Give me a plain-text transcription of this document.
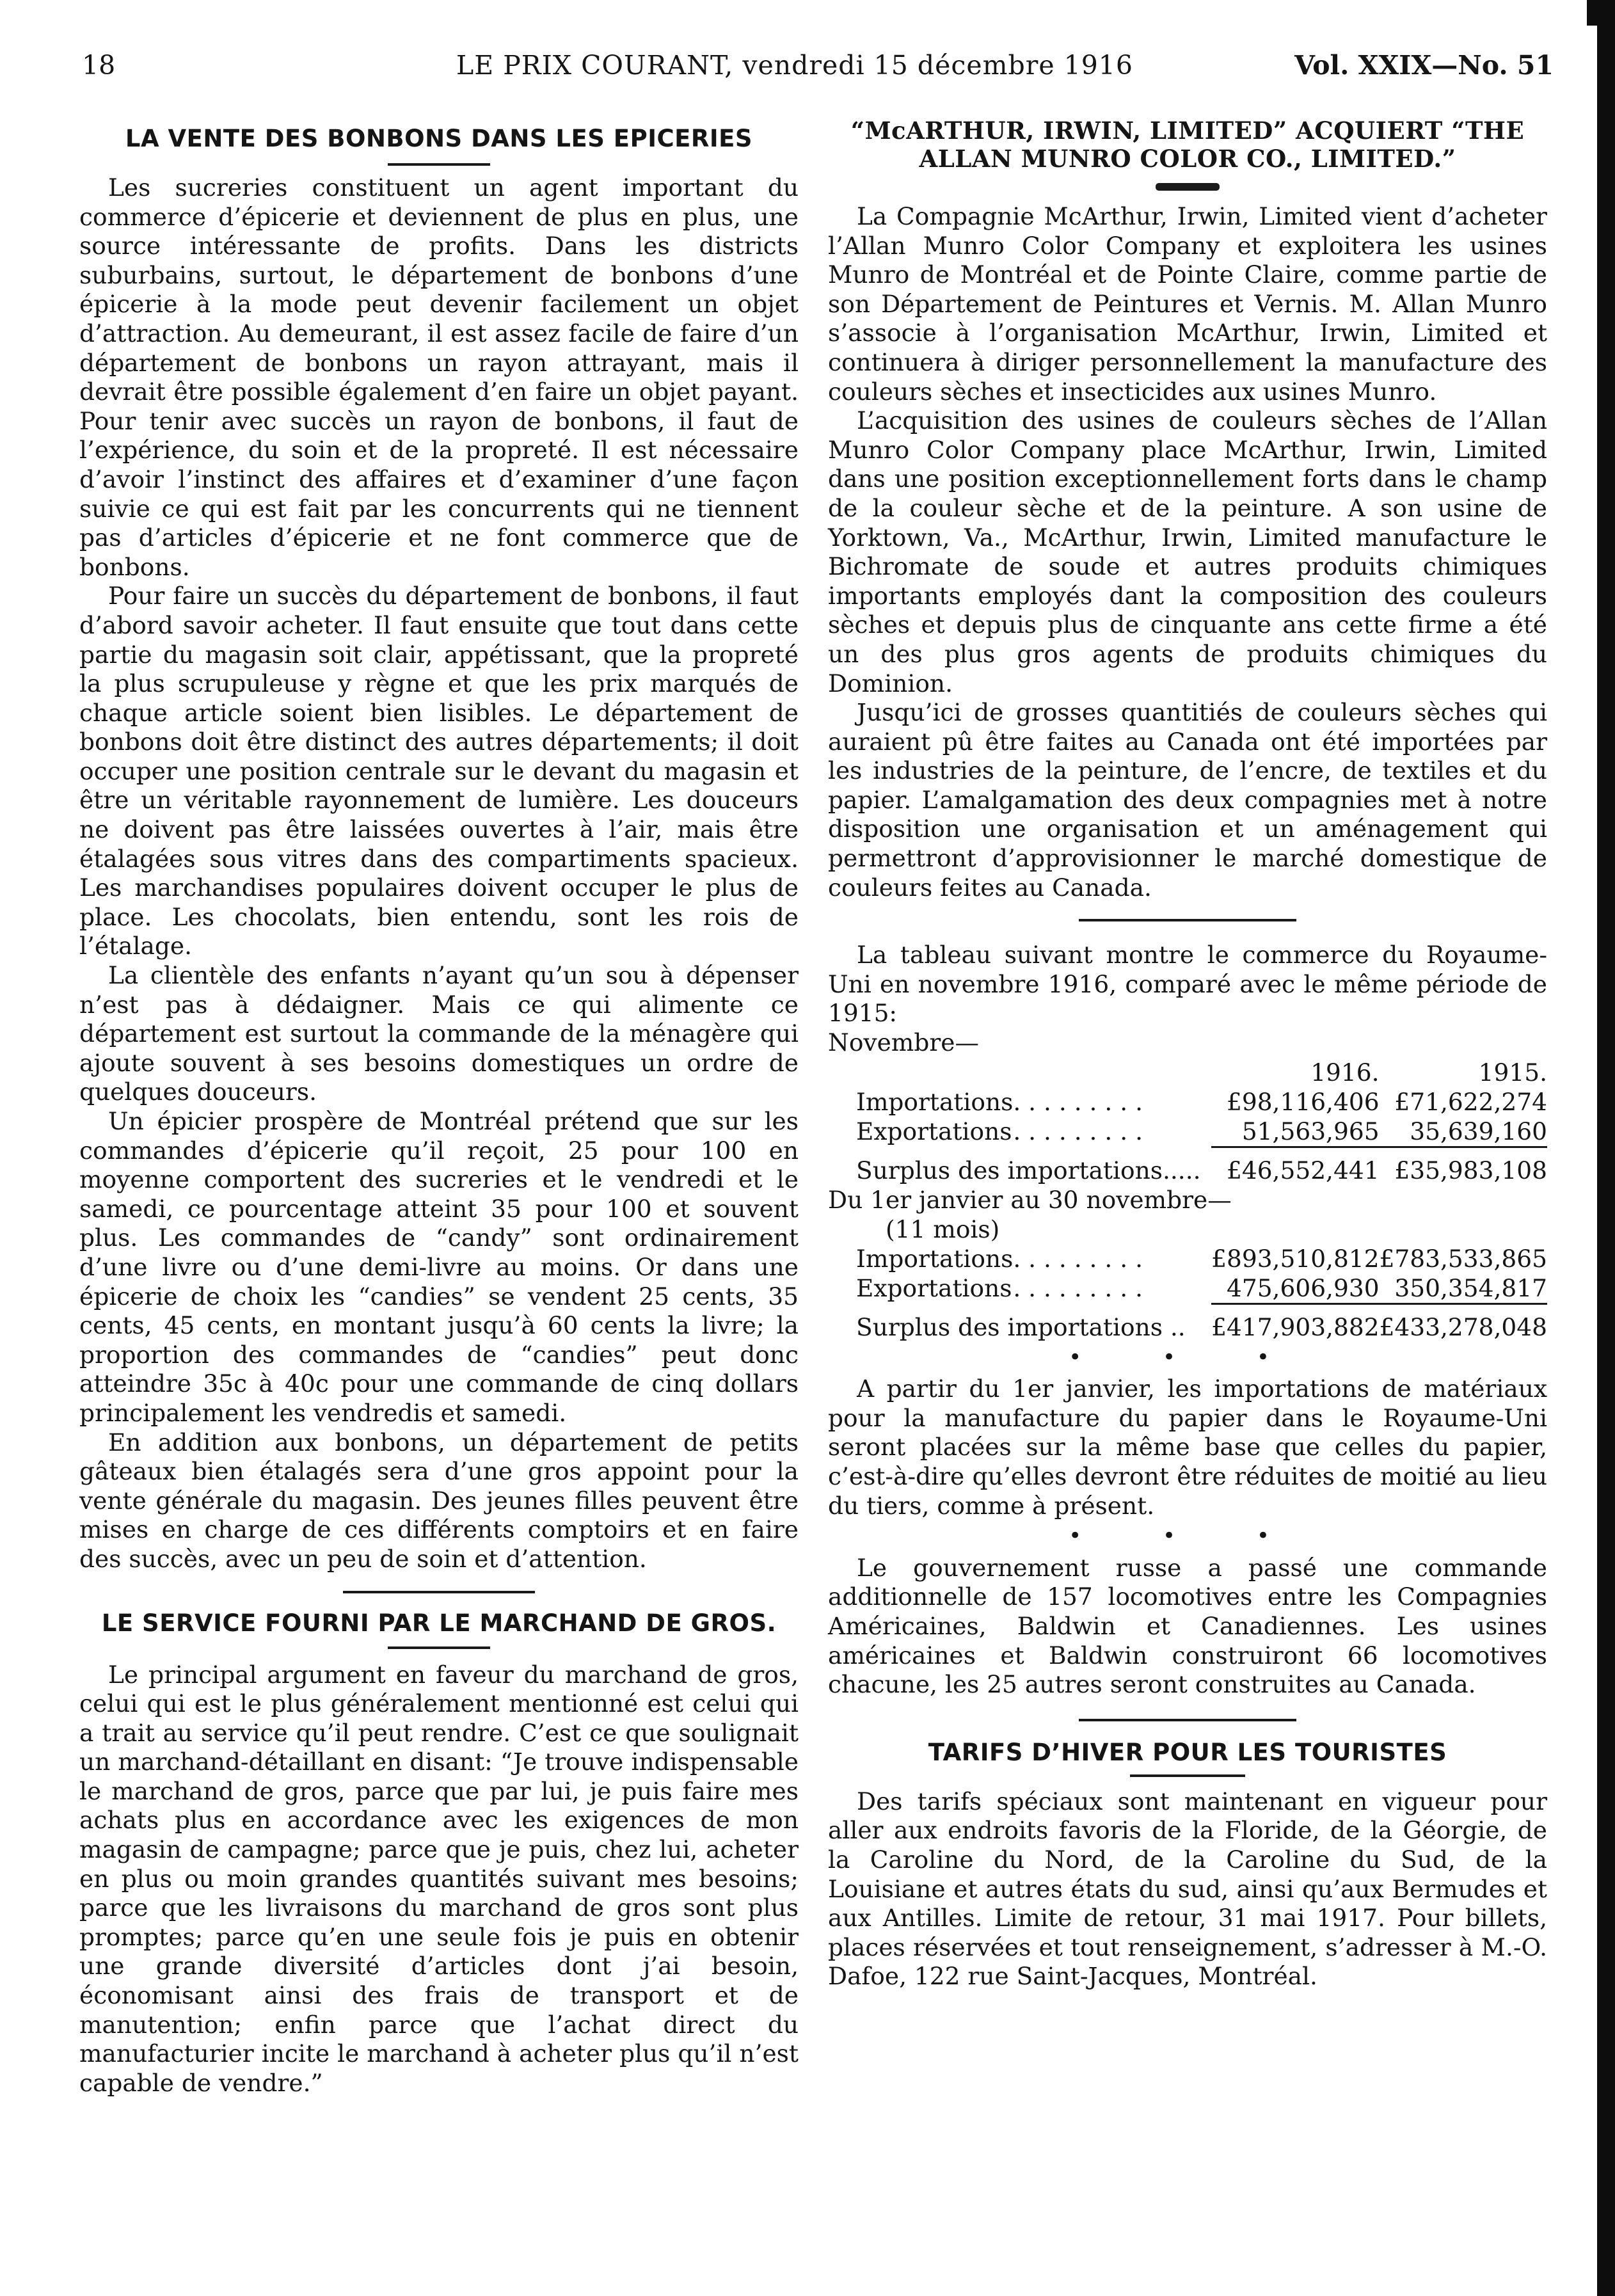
18	LE PRIX COURANT, vendredi 15 décembre 1916	Vol. XXIX—No. 51
LA VENTE DES BONBONS DANS LES EPICERIES

Les sucreries constituent un agent important du commerce d’épicerie et deviennent de plus en plus, une source intéressante de profits. Dans les districts suburbains, surtout, le département de bonbons d’une épicerie à la mode peut devenir facilement un objet d’attraction. Au demeurant, il est assez facile de faire d’un département de bonbons un rayon attrayant, mais il devrait être possible également d’en faire un objet payant. Pour tenir avec succès un rayon de bonbons, il faut de l’expérience, du soin et de la propreté. Il est nécessaire d’avoir l’instinct des affaires et d’examiner d’une façon suivie ce qui est fait par les concurrents qui ne tiennent pas d’articles d’épicerie et ne font commerce que de bonbons.

Pour faire un succès du département de bonbons, il faut d’abord savoir acheter. Il faut ensuite que tout dans cette partie du magasin soit clair, appétissant, que la propreté la plus scrupuleuse y règne et que les prix marqués de chaque article soient bien lisibles. Le département de bonbons doit être distinct des autres départements; il doit occuper une position centrale sur le devant du magasin et être un véritable rayonnement de lumière. Les douceurs ne doivent pas être laissées ouvertes à l’air, mais être étalagées sous vitres dans des compartiments spacieux. Les marchandises populaires doivent occuper le plus de place. Les chocolats, bien entendu, sont les rois de l’étalage.

La clientèle des enfants n’ayant qu’un sou à dépenser n’est pas à dédaigner. Mais ce qui alimente ce département est surtout la commande de la ménagère qui ajoute souvent à ses besoins domestiques un ordre de quelques douceurs.

Un épicier prospère de Montréal prétend que sur les commandes d’épicerie qu’il reçoit, 25 pour 100 en moyenne comportent des sucreries et le vendredi et le samedi, ce pourcentage atteint 35 pour 100 et souvent plus. Les commandes de “candy” sont ordinairement d’une livre ou d’une demi-livre au moins. Or dans une épicerie de choix les “candies” se vendent 25 cents, 35 cents, 45 cents, en montant jusqu’à 60 cents la livre; la proportion des commandes de “candies” peut donc atteindre 35c à 40c pour une commande de cinq dollars principalement les vendredis et samedi.

En addition aux bonbons, un département de petits gâteaux bien étalagés sera d’une gros appoint pour la vente générale du magasin. Des jeunes filles peuvent être mises en charge de ces différents comptoirs et en faire des succès, avec un peu de soin et d’attention.

LE SERVICE FOURNI PAR LE MARCHAND DE GROS.

Le principal argument en faveur du marchand de gros, celui qui est le plus généralement mentionné est celui qui a trait au service qu’il peut rendre. C’est ce que soulignait un marchand-détaillant en disant: “Je trouve indispensable le marchand de gros, parce que par lui, je puis faire mes achats plus en accordance avec les exigences de mon magasin de campagne; parce que je puis, chez lui, acheter en plus ou moin grandes quantités suivant mes besoins; parce que les livraisons du marchand de gros sont plus promptes; parce qu’en une seule fois je puis en obtenir une grande diversité d’articles dont j’ai besoin, économisant ainsi des frais de transport et de manutention; enfin parce que l’achat direct du manufacturier incite le marchand à acheter plus qu’il n’est capable de vendre.”

“McARTHUR, IRWIN, LIMITED” ACQUIERT “THE ALLAN MUNRO COLOR CO., LIMITED.”

La Compagnie McArthur, Irwin, Limited vient d’acheter l’Allan Munro Color Company et exploitera les usines Munro de Montréal et de Pointe Claire, comme partie de son Département de Peintures et Vernis. M. Allan Munro s’associe à l’organisation McArthur, Irwin, Limited et continuera à diriger personnellement la manufacture des couleurs sèches et insecticides aux usines Munro.

L’acquisition des usines de couleurs sèches de l’Allan Munro Color Company place McArthur, Irwin, Limited dans une position exceptionnellement forts dans le champ de la couleur sèche et de la peinture. A son usine de Yorktown, Va., McArthur, Irwin, Limited manufacture le Bichromate de soude et autres produits chimiques importants employés dant la composition des couleurs sèches et depuis plus de cinquante ans cette firme a été un des plus gros agents de produits chimiques du Dominion.

Jusqu’ici de grosses quantitiés de couleurs sèches qui auraient pû être faites au Canada ont été importées par les industries de la peinture, de l’encre, de textiles et du papier. L’amalgamation des deux compagnies met à notre disposition une organisation et un aménagement qui permettront d’approvisionner le marché domestique de couleurs feites au Canada.

La tableau suivant montre le commerce du Royaume-Uni en novembre 1916, comparé avec le même période de 1915:

Novembre—
		1916.	1915.
Importations	. . . . . . . . .	£98,116,406	£71,622,274
Exportations	. . . . . . . . .	51,563,965	35,639,160

Surplus des importations.....		£46,552,441	£35,983,108
Du 1er janvier au 30 novembre—			
(11 mois)			
Importations	. . . . . . . . .	£893,510,812	£783,533,865
Exportations	. . . . . . . . .	475,606,930	350,354,817

Surplus des importations ..		£417,903,882	£433,278,048
• • •

A partir du 1er janvier, les importations de matériaux pour la manufacture du papier dans le Royaume-Uni seront placées sur la même base que celles du papier, c’est-à-dire qu’elles devront être réduites de moitié au lieu du tiers, comme à présent.

• • •

Le gouvernement russe a passé une commande additionnelle de 157 locomotives entre les Compagnies Américaines, Baldwin et Canadiennes. Les usines américaines et Baldwin construiront 66 locomotives chacune, les 25 autres seront construites au Canada.

TARIFS D’HIVER POUR LES TOURISTES

Des tarifs spéciaux sont maintenant en vigueur pour aller aux endroits favoris de la Floride, de la Géorgie, de la Caroline du Nord, de la Caroline du Sud, de la Louisiane et autres états du sud, ainsi qu’aux Bermudes et aux Antilles. Limite de retour, 31 mai 1917. Pour billets, places réservées et tout renseignement, s’adresser à M.-O. Dafoe, 122 rue Saint-Jacques, Montréal.
